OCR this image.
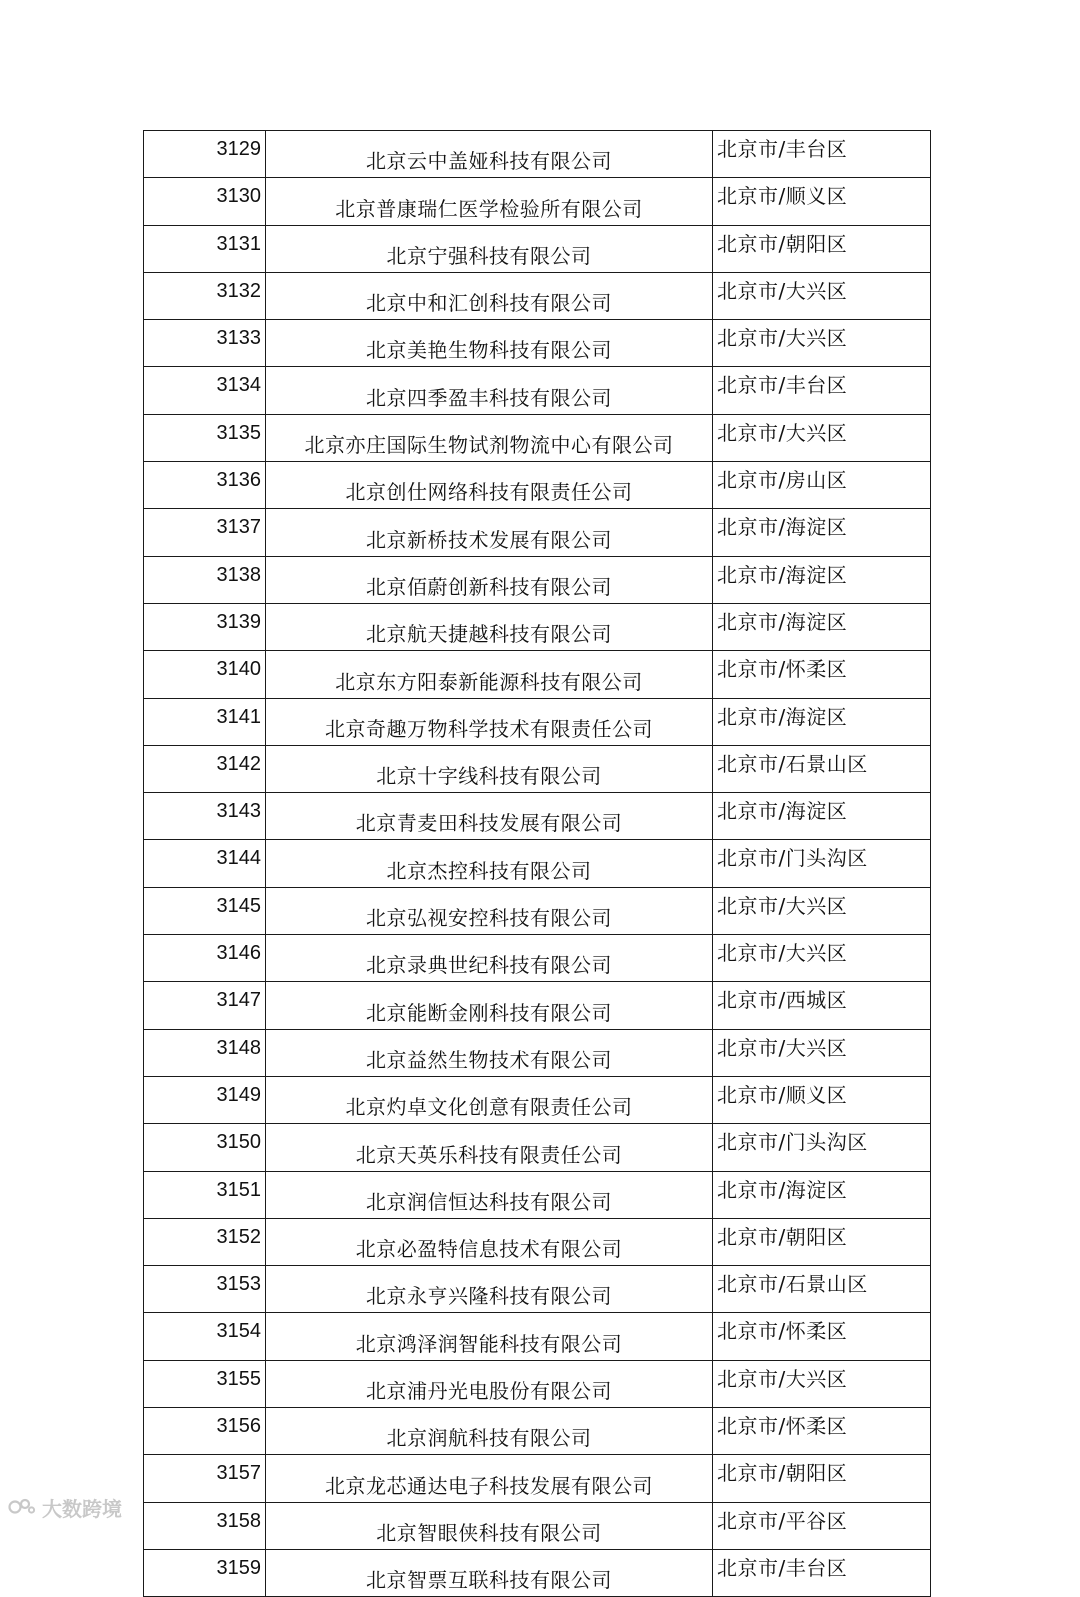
3129	北京云中盖娅科技有限公司	北京市/丰台区
3130	北京普康瑞仁医学检验所有限公司	北京市/顺义区
3131	北京宁强科技有限公司	北京市/朝阳区
3132	北京中和汇创科技有限公司	北京市/大兴区
3133	北京美艳生物科技有限公司	北京市/大兴区
3134	北京四季盈丰科技有限公司	北京市/丰台区
3135	北京亦庄国际生物试剂物流中心有限公司	北京市/大兴区
3136	北京创仕网络科技有限责任公司	北京市/房山区
3137	北京新桥技术发展有限公司	北京市/海淀区
3138	北京佰蔚创新科技有限公司	北京市/海淀区
3139	北京航天捷越科技有限公司	北京市/海淀区
3140	北京东方阳泰新能源科技有限公司	北京市/怀柔区
3141	北京奇趣万物科学技术有限责任公司	北京市/海淀区
3142	北京十字线科技有限公司	北京市/石景山区
3143	北京青麦田科技发展有限公司	北京市/海淀区
3144	北京杰控科技有限公司	北京市/门头沟区
3145	北京弘视安控科技有限公司	北京市/大兴区
3146	北京录典世纪科技有限公司	北京市/大兴区
3147	北京能断金刚科技有限公司	北京市/西城区
3148	北京益然生物技术有限公司	北京市/大兴区
3149	北京灼卓文化创意有限责任公司	北京市/顺义区
3150	北京天英乐科技有限责任公司	北京市/门头沟区
3151	北京润信恒达科技有限公司	北京市/海淀区
3152	北京必盈特信息技术有限公司	北京市/朝阳区
3153	北京永亨兴隆科技有限公司	北京市/石景山区
3154	北京鸿泽润智能科技有限公司	北京市/怀柔区
3155	北京浦丹光电股份有限公司	北京市/大兴区
3156	北京润航科技有限公司	北京市/怀柔区
3157	北京龙芯通达电子科技发展有限公司	北京市/朝阳区
3158	北京智眼侠科技有限公司	北京市/平谷区
3159	北京智票互联科技有限公司	北京市/丰台区
大数跨境
